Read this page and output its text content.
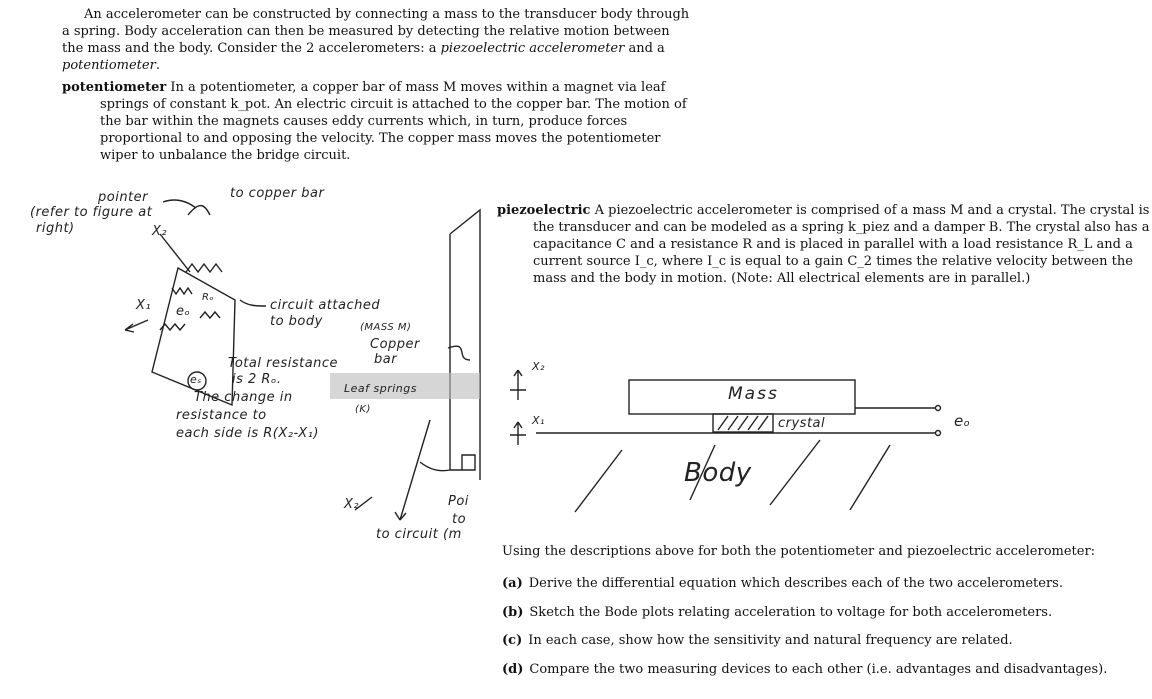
An accelerometer can be constructed by connecting a mass to the transducer body through a spring. Body acceleration can then be measured by detecting the relative motion between the mass and the body. Consider the 2 accelerometers: a piezoelectric accelerometer and a potentiometer.
potentiometer In a potentiometer, a copper bar of mass M moves within a magnet via leaf springs of constant k_pot. An electric circuit is attached to the copper bar. The motion of the bar within the magnets causes eddy currents which, in turn, produce forces proportional to and opposing the velocity. The copper mass moves the potentiometer wiper to unbalance the bridge circuit.
piezoelectric A piezoelectric accelerometer is comprised of a mass M and a crystal. The crystal is the transducer and can be modeled as a spring k_piez and a damper B. The crystal also has a capacitance C and a resistance R and is placed in parallel with a load resistance R_L and a current source I_c, where I_c is equal to a gain C_2 times the relative velocity between the mass and the body in motion. (Note: All electrical elements are in parallel.)
Using the descriptions above for both the potentiometer and piezoelectric accelerometer:
(a) Derive the differential equation which describes each of the two accelerometers.
(b) Sketch the Bode plots relating acceleration to voltage for both accelerometers.
(c) In each case, show how the sensitivity and natural frequency are related.
(d) Compare the two measuring devices to each other (i.e. advantages and disadvantages).
pointer
(refer to figure at
right)
to copper bar
X₂
X₁ eₒ
Rₒ
eₛ
circuit attached
to body	(MASS M)
Copper
bar
Total resistance
is 2 Rₒ.
The change in
resistance to
each side is R(X₂-X₁)
Leaf springs
(K)
X₂	Poi
to
to circuit (m
X₂
X₁
Mass
crystal
Body
eₒ
